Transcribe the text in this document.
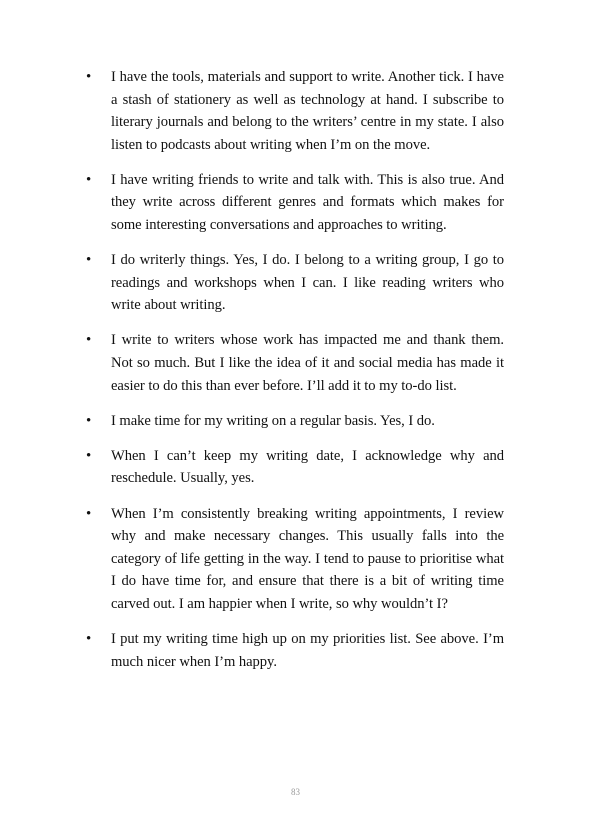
• I have the tools, materials and support to write. Another tick. I have a stash of stationery as well as technology at hand. I subscribe to literary journals and belong to the writers’ centre in my state. I also listen to podcasts about writing when I’m on the move.
• I have writing friends to write and talk with. This is also true. And they write across different genres and formats which makes for some interesting conversations and approaches to writing.
• I do writerly things. Yes, I do. I belong to a writing group, I go to readings and workshops when I can. I like reading writers who write about writing.
• I write to writers whose work has impacted me and thank them. Not so much. But I like the idea of it and social media has made it easier to do this than ever before. I’ll add it to my to-do list.
• I make time for my writing on a regular basis. Yes, I do.
• When I can’t keep my writing date, I acknowledge why and reschedule. Usually, yes.
• When I’m consistently breaking writing appointments, I review why and make necessary changes. This usually falls into the category of life getting in the way. I tend to pause to prioritise what I do have time for, and ensure that there is a bit of writing time carved out. I am happier when I write, so why wouldn’t I?
• I put my writing time high up on my priorities list. See above. I’m much nicer when I’m happy.
83
